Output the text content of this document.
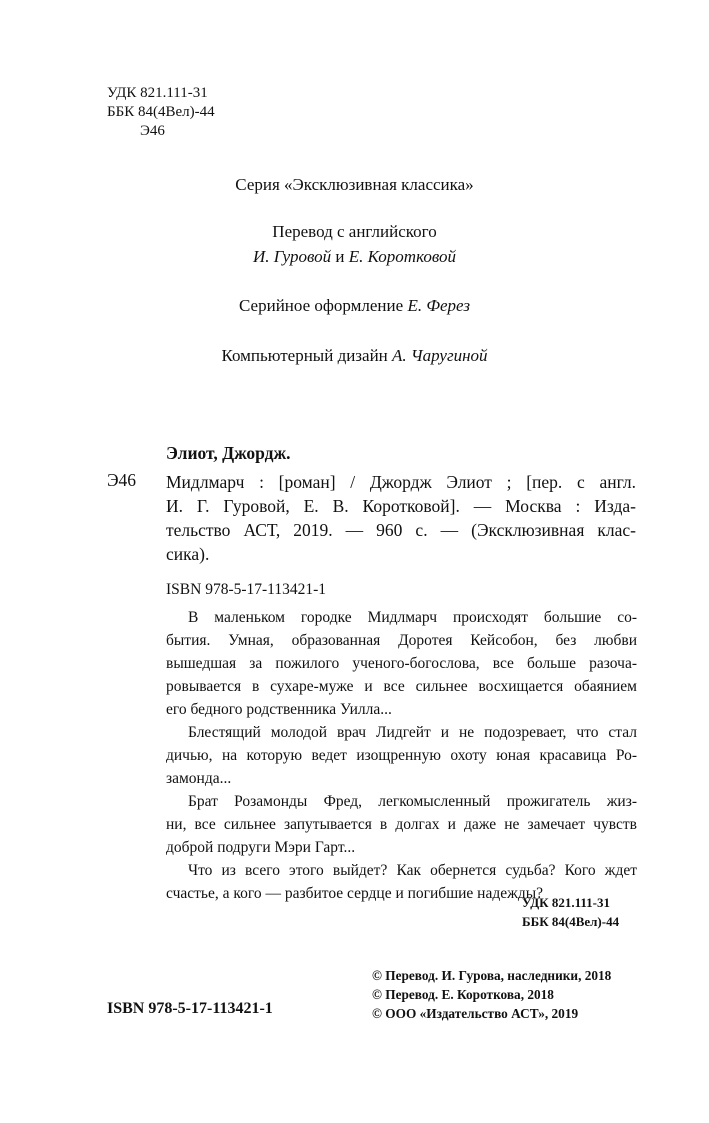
УДК 821.111-31
ББК 84(4Вел)-44
Э46
Серия «Эксклюзивная классика»
Перевод с английского
И. Гуровой и Е. Коротковой
Серийное оформление Е. Ферез
Компьютерный дизайн А. Чаругиной
Элиот, Джордж.
Э46 Мидлмарч : [роман] / Джордж Элиот ; [пер. с англ.
И. Г. Гуровой, Е. В. Коротковой]. — Москва : Изда-
тельство АСТ, 2019. — 960 с. — (Эксклюзивная клас-
сика).
ISBN 978-5-17-113421-1

В маленьком городке Мидлмарч происходят большие со-
бытия. Умная, образованная Доротея Кейсобон, без любви
вышедшая за пожилого ученого-богослова, все больше разоча-
ровывается в сухаре-муже и все сильнее восхищается обаянием
его бедного родственника Уилла...

Блестящий молодой врач Лидгейт и не подозревает, что стал
дичью, на которую ведет изощренную охоту юная красавица Ро-
замонда...

Брат Розамонды Фред, легкомысленный прожигатель жиз-
ни, все сильнее запутывается в долгах и даже не замечает чувств
доброй подруги Мэри Гарт...

Что из всего этого выйдет? Как обернется судьба? Кого ждет
счастье, а кого — разбитое сердце и погибшие надежды?

УДК 821.111-31
ББК 84(4Вел)-44
© Перевод. И. Гурова, наследники, 2018
© Перевод. Е. Короткова, 2018
© ООО «Издательство АСТ», 2019
ISBN 978-5-17-113421-1
